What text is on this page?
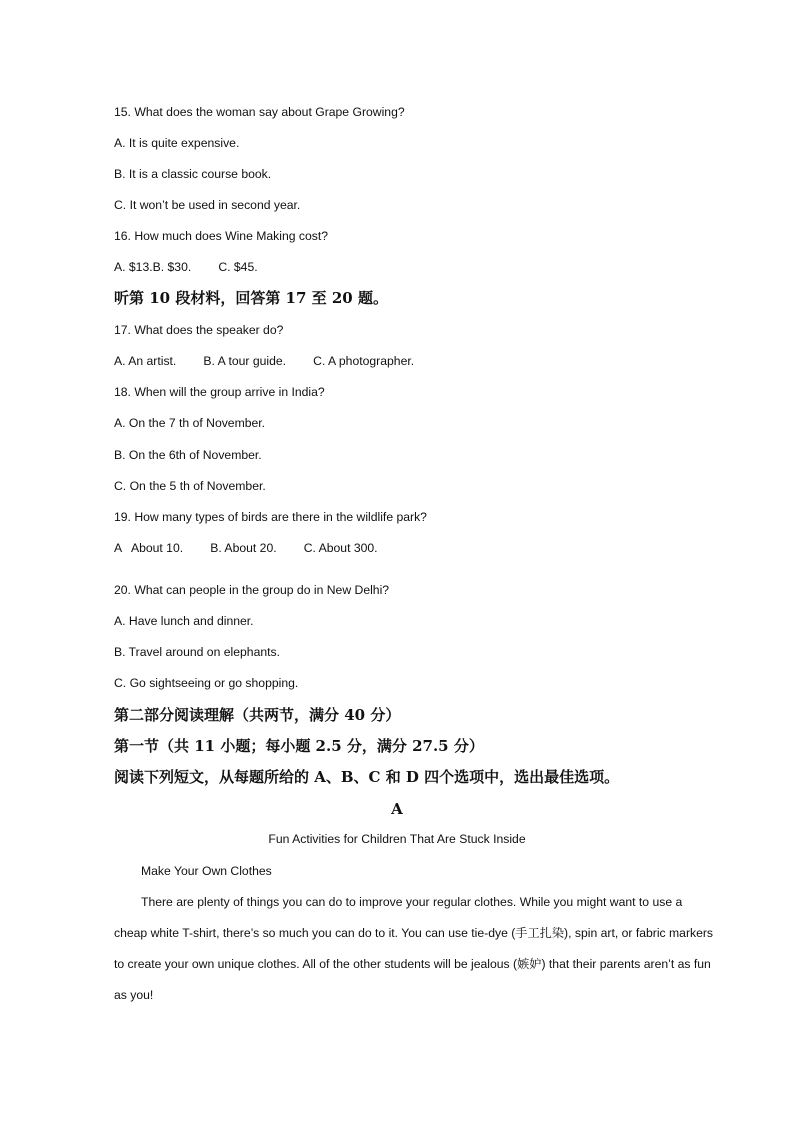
15. What does the woman say about Grape Growing?
A. It is quite expensive.
B. It is a classic course book.
C. It won’t be used in second year.
16. How much does Wine Making cost?
A. $13.B. $30.        C. $45.
听第 10 段材料，回答第 17 至 20 题。
17. What does the speaker do?
A. An artist.        B. A tour guide.        C. A photographer.
18. When will the group arrive in India?
A. On the 7 th of November.
B. On the 6th of November.
C. On the 5 th of November.
19. How many types of birds are there in the wildlife park?
A   About 10.        B. About 20.        C. About 300.
20. What can people in the group do in New Delhi?
A. Have lunch and dinner.
B. Travel around on elephants.
C. Go sightseeing or go shopping.
第二部分阅读理解（共两节，满分 40 分）
第一节（共 11 小题；每小题 2.5 分，满分 27.5 分）
阅读下列短文，从每题所给的 A、B、C 和 D 四个选项中，选出最佳选项。
A
Fun Activities for Children That Are Stuck Inside
Make Your Own Clothes
There are plenty of things you can do to improve your regular clothes. While you might want to use a cheap white T-shirt, there’s so much you can do to it. You can use tie-dye (手工扎染), spin art, or fabric markers to create your own unique clothes. All of the other students will be jealous (嫉妒) that their parents aren’t as fun as you!
